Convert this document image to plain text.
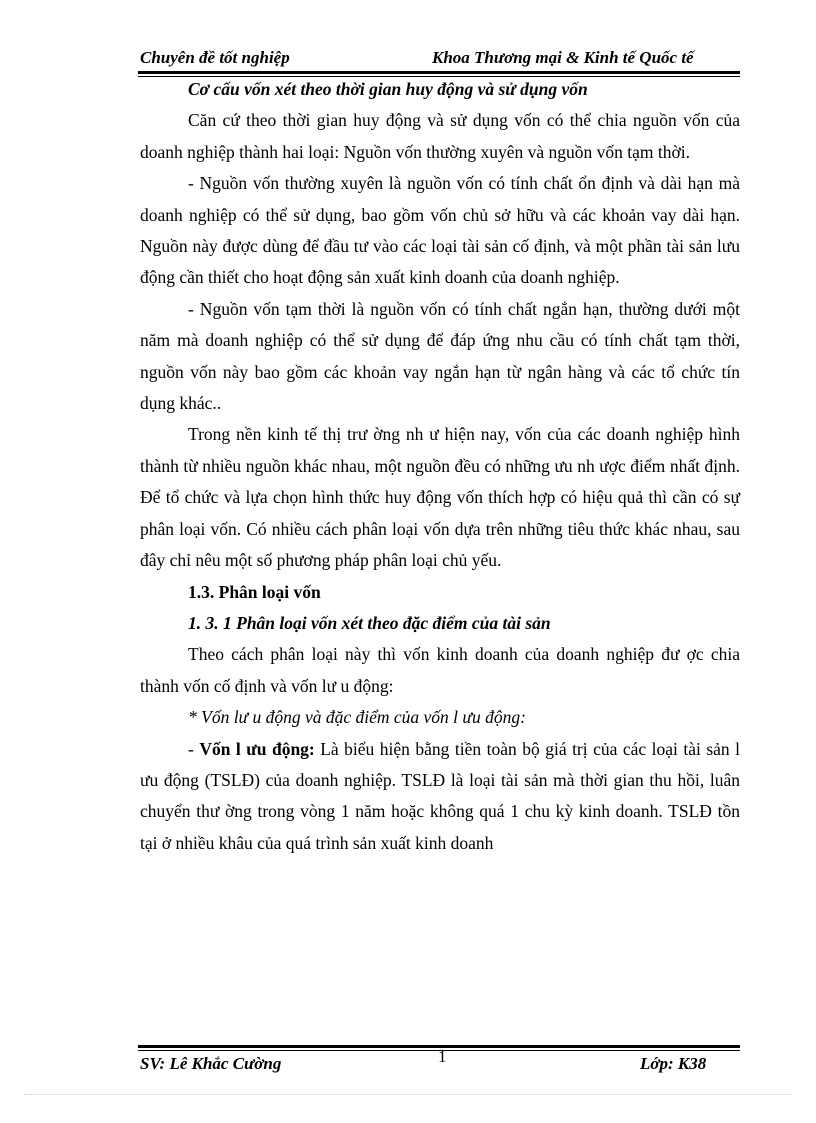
Chuyên đề tốt nghiệp	Khoa Thương mại & Kinh tế Quốc tế

Cơ cấu vốn xét theo thời gian huy động và sử dụng vốn

Căn cứ theo thời gian huy động và sử dụng vốn có thể chia nguồn vốn của doanh nghiệp thành hai loại: Nguồn vốn thường xuyên và nguồn vốn tạm thời.

- Nguồn vốn thường xuyên là nguồn vốn có tính chất ổn định và dài hạn mà doanh nghiệp có thể sử dụng, bao gồm vốn chủ sở hữu và các khoản vay dài hạn. Nguồn này được dùng để đầu tư vào các loại tài sản cố định, và một phần tài sản lưu động cần thiết cho hoạt động sản xuất kinh doanh của doanh nghiệp.

- Nguồn vốn tạm thời là nguồn vốn có tính chất ngắn hạn, thường dưới một năm mà doanh nghiệp có thể sử dụng để đáp ứng nhu cầu có tính chất tạm thời, nguồn vốn này bao gồm các khoản vay ngắn hạn từ ngân hàng và các tổ chức tín dụng khác..

Trong nền kinh tế thị trư ờng nh ư hiện nay, vốn của các doanh nghiệp hình thành từ nhiều nguồn khác nhau, một nguồn đều có những ưu nh ược điểm nhất định. Để tổ chức và lựa chọn hình thức huy động vốn thích hợp có hiệu quả thì cần có sự phân loại vốn. Có nhiều cách phân loại vốn dựa trên những tiêu thức khác nhau, sau đây chỉ nêu một số phương pháp phân loại chủ yếu.

1.3. Phân loại vốn

1. 3. 1 Phân loại vốn xét theo đặc điểm của tài sản

Theo cách phân loại này thì vốn kinh doanh của doanh nghiệp đư ợc chia thành vốn cố định và vốn lư u động:

* Vốn lư u động và đặc điểm của vốn l ưu động:

- Vốn l ưu động: Là biểu hiện bằng tiền toàn bộ giá trị của các loại tài sản l ưu động (TSLĐ) của doanh nghiệp. TSLĐ là loại tài sản mà thời gian thu hồi, luân chuyển thư ờng trong vòng 1 năm hoặc không quá 1 chu kỳ kinh doanh. TSLĐ tồn tại ở nhiều khâu của quá trình sản xuất kinh doanh

SV: Lê Khắc Cường	1	Lớp: K38
